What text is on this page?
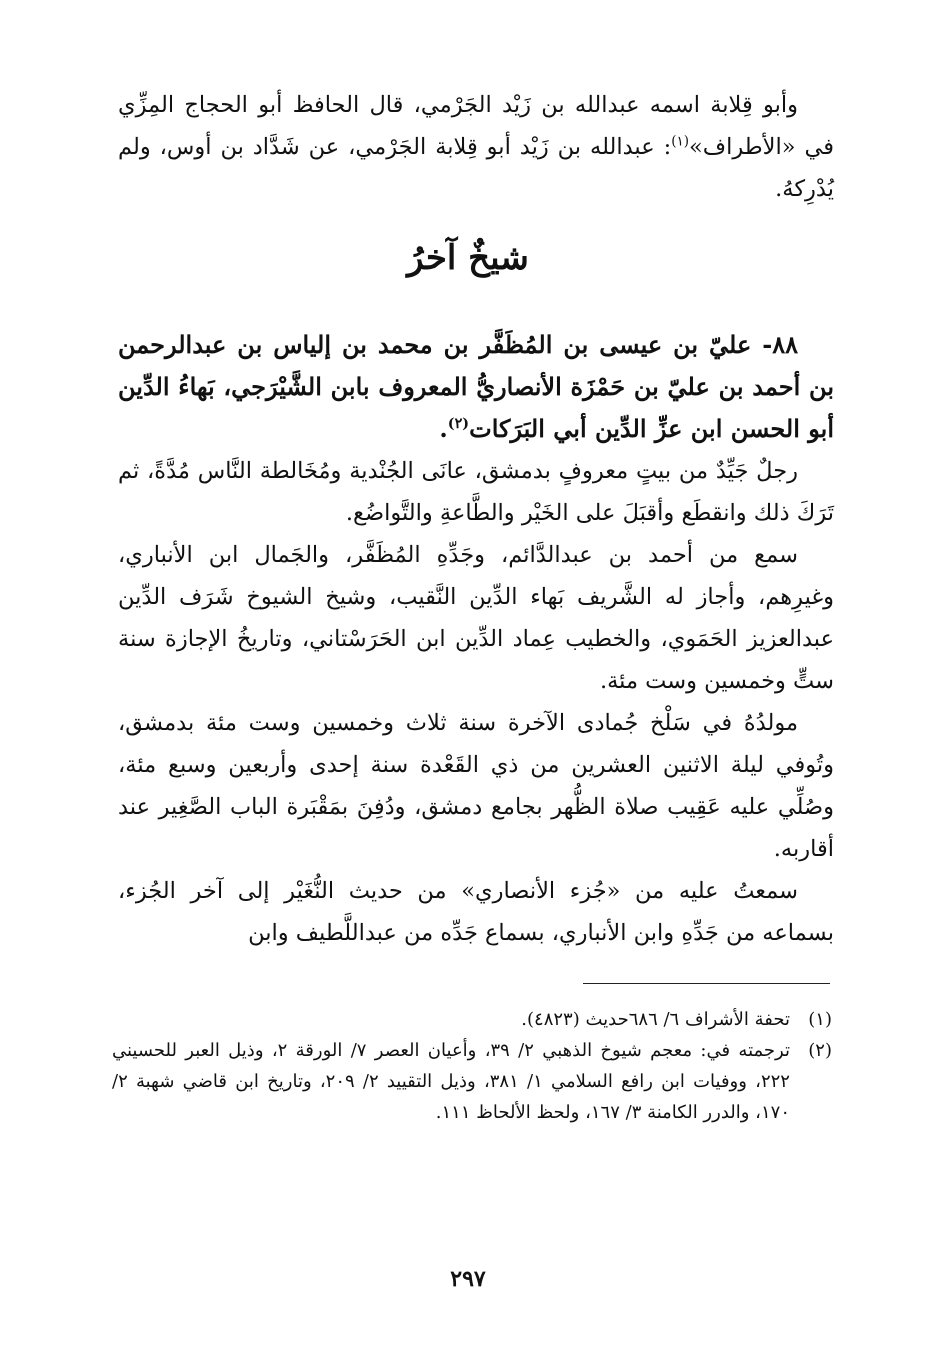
وأبو قِلابة اسمه عبدالله بن زَيْد الجَرْمي، قال الحافظ أبو الحجاج المِزِّي في «الأطراف»$^{(١)}$: عبدالله بن زَيْد أبو قِلابة الجَرْمي، عن شَدَّاد بن أوس، ولم يُدْرِكهُ.

شيخٌ آخرُ

٨٨- عليّ بن عيسى بن المُظَفَّر بن محمد بن إلياس بن عبدالرحمن بن أحمد بن عليّ بن حَمْزَة الأنصاريُّ المعروف بابن الشَّيْرَجي، بَهاءُ الدِّين أبو الحسن ابن عزِّ الدِّين أبي البَرَكات$^{(٢)}$.

رجلٌ جَيِّدٌ من بيتٍ معروفٍ بدمشق، عانَى الجُنْدية ومُخَالطة النَّاس مُدَّةً، ثم تَرَكَ ذلك وانقطَع وأقبَلَ على الخَيْر والطَّاعةِ والتَّواضُع.

سمع من أحمد بن عبدالدَّائم، وجَدِّهِ المُظَفَّر، والجَمال ابن الأنباري، وغيرِهم، وأجاز له الشَّريف بَهاء الدِّين النَّقيب، وشيخ الشيوخ شَرَف الدِّين عبدالعزيز الحَمَوي، والخطيب عِماد الدِّين ابن الحَرَسْتاني، وتاريخُ الإجازة سنة ستٍّ وخمسين وست مئة.

مولدُهُ في سَلْخ جُمادى الآخرة سنة ثلاث وخمسين وست مئة بدمشق، وتُوفي ليلة الاثنين العشرين من ذي القَعْدة سنة إحدى وأربعين وسبع مئة، وصُلِّي عليه عَقِيب صلاة الظُّهر بجامع دمشق، ودُفِنَ بمَقْبَرة الباب الصَّغِير عند أقاربه.

سمعتُ عليه من «جُزء الأنصاري» من حديث النُّغَيْر إلى آخر الجُزء، بسماعه من جَدِّهِ وابن الأنباري، بسماع جَدِّه من عبداللَّطيف وابن

(١)
تحفة الأشراف ٦/ ٦٨٦حديث (٤٨٢٣).

(٢)
ترجمته في: معجم شيوخ الذهبي ٢/ ٣٩، وأعيان العصر ٧/ الورقة ٢، وذيل العبر للحسيني ٢٢٢، ووفيات ابن رافع السلامي ١/ ٣٨١، وذيل التقييد ٢/ ٢٠٩، وتاريخ ابن قاضي شهبة ٢/ ١٧٠، والدرر الكامنة ٣/ ١٦٧، ولحظ الألحاظ ١١١.

٢٩٧
